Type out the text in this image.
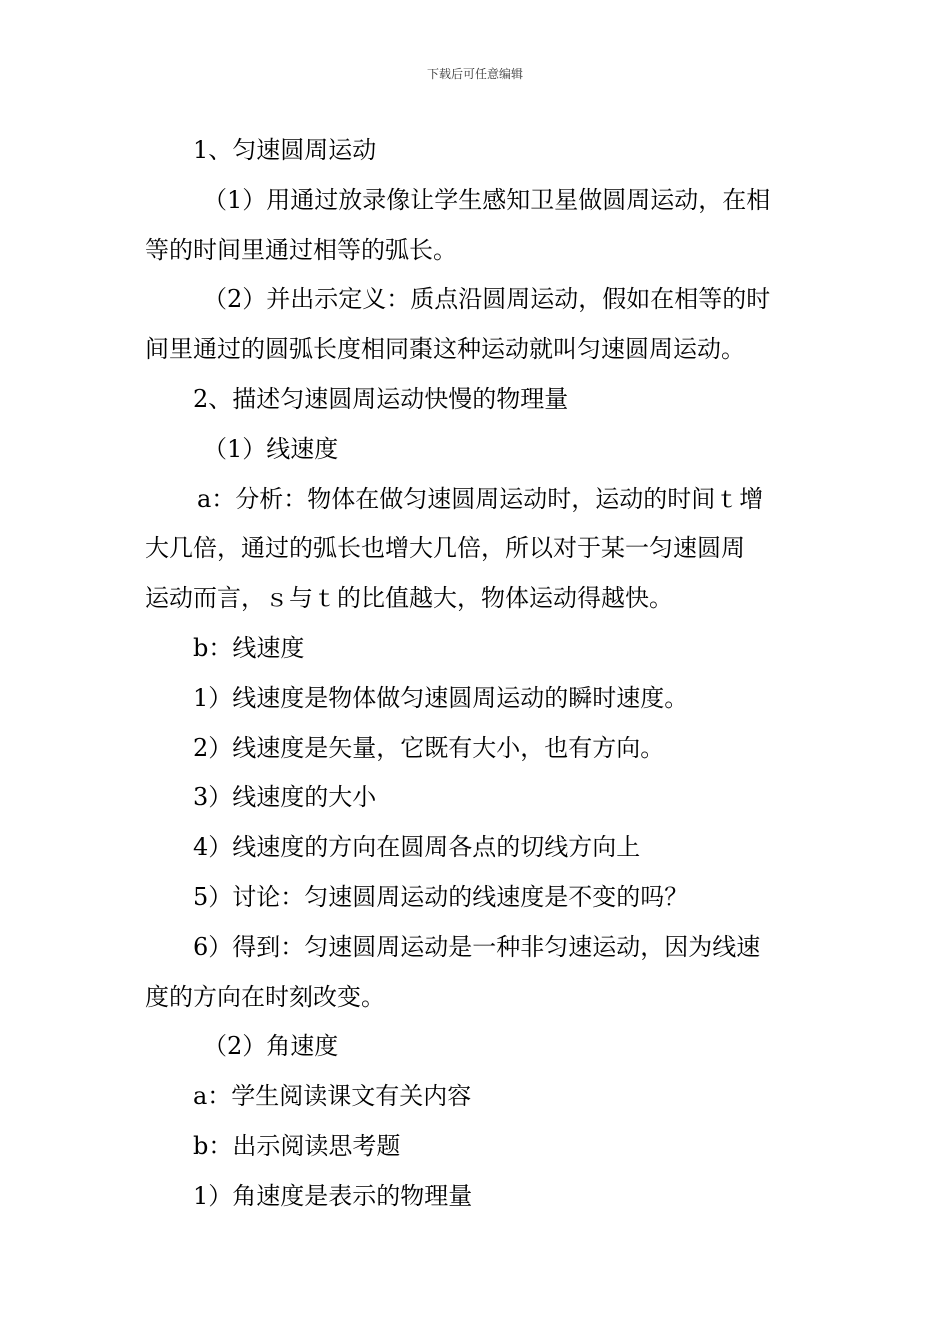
下载后可任意编辑

1、匀速圆周运动

（1）用通过放录像让学生感知卫星做圆周运动，在相

等的时间里通过相等的弧长。

（2）并出示定义：质点沿圆周运动，假如在相等的时

间里通过的圆弧长度相同棗这种运动就叫匀速圆周运动。

2、描述匀速圆周运动快慢的物理量

（1）线速度

a：分析：物体在做匀速圆周运动时，运动的时间ｔ增

大几倍，通过的弧长也增大几倍，所以对于某一匀速圆周

运动而言，ｓ与ｔ的比值越大，物体运动得越快。

b：线速度

1）线速度是物体做匀速圆周运动的瞬时速度。

2）线速度是矢量，它既有大小，也有方向。

3）线速度的大小

4）线速度的方向在圆周各点的切线方向上

5）讨论：匀速圆周运动的线速度是不变的吗？

6）得到：匀速圆周运动是一种非匀速运动，因为线速

度的方向在时刻改变。

（2）角速度

a：学生阅读课文有关内容

b：出示阅读思考题

1）角速度是表示的物理量
